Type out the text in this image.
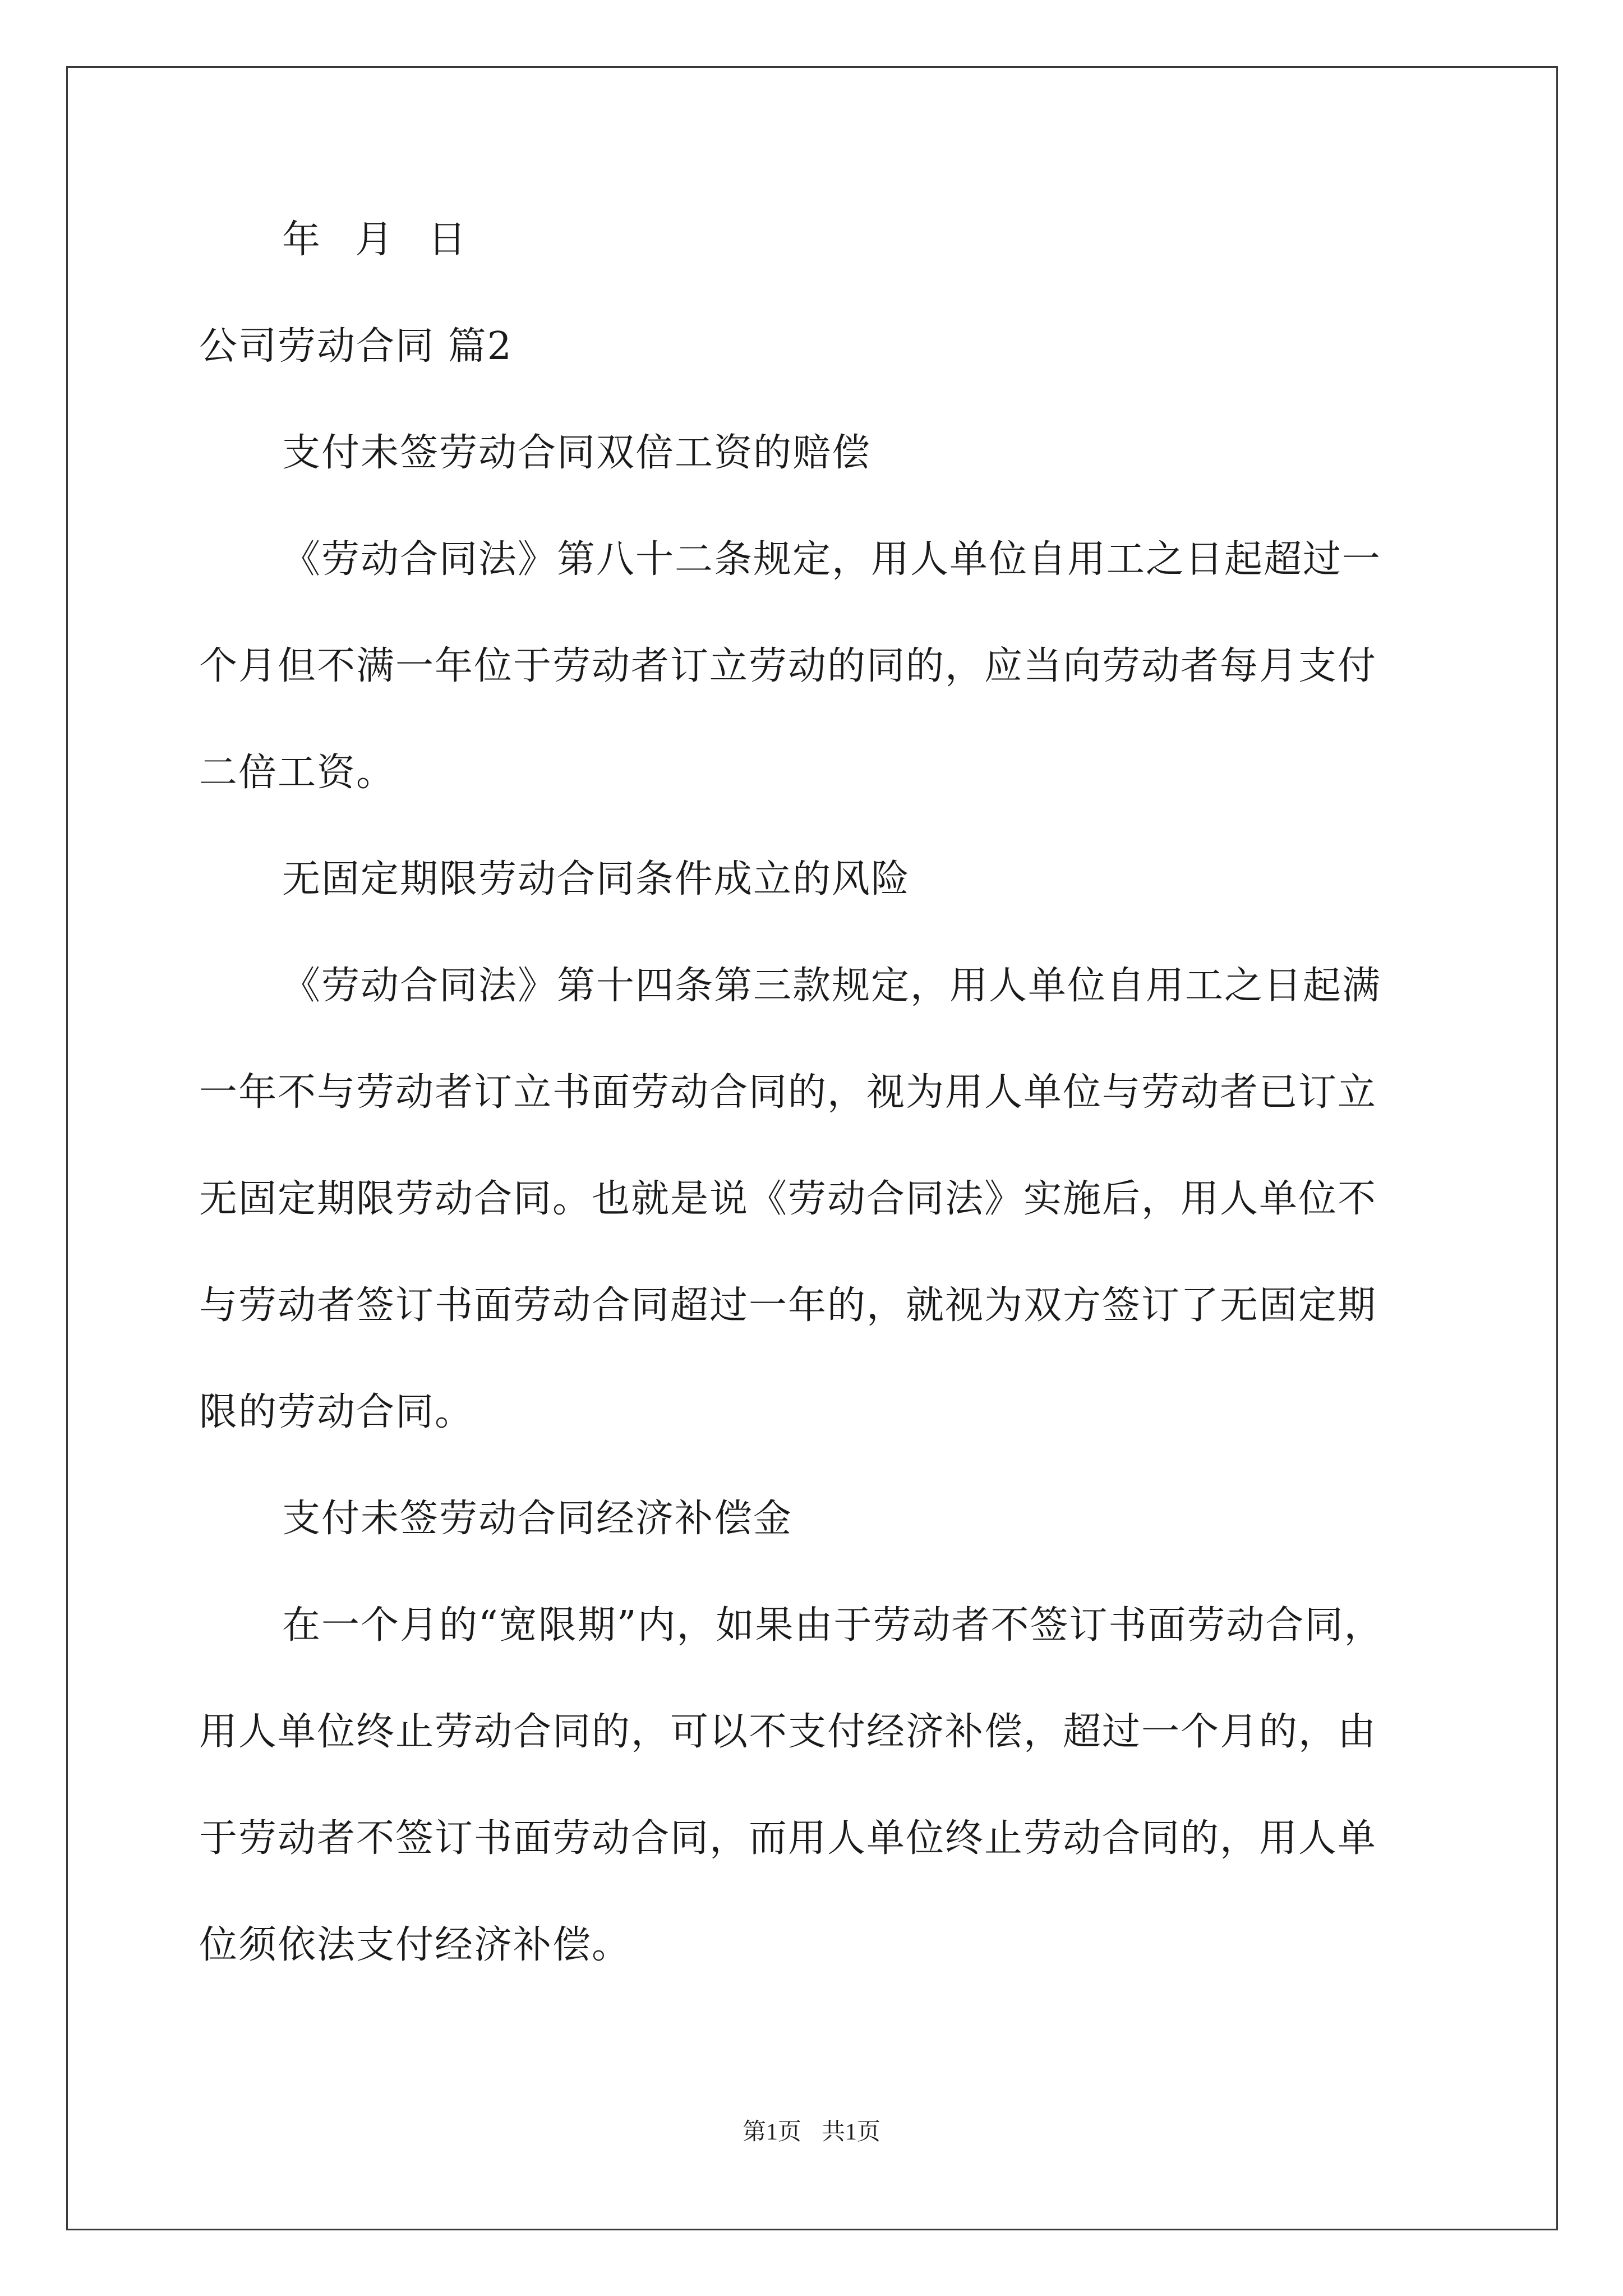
年 月 日
公司劳动合同 篇2
支付未签劳动合同双倍工资的赔偿
《劳动合同法》第八十二条规定，用人单位自用工之日起超过一
个月但不满一年位于劳动者订立劳动的同的，应当向劳动者每月支付
二倍工资。
无固定期限劳动合同条件成立的风险
《劳动合同法》第十四条第三款规定，用人单位自用工之日起满
一年不与劳动者订立书面劳动合同的，视为用人单位与劳动者已订立
无固定期限劳动合同。也就是说《劳动合同法》实施后，用人单位不
与劳动者签订书面劳动合同超过一年的，就视为双方签订了无固定期
限的劳动合同。
支付未签劳动合同经济补偿金
在一个月的“宽限期”内，如果由于劳动者不签订书面劳动合同，
用人单位终止劳动合同的，可以不支付经济补偿，超过一个月的，由
于劳动者不签订书面劳动合同，而用人单位终止劳动合同的，用人单
位须依法支付经济补偿。
第1页 共1页
